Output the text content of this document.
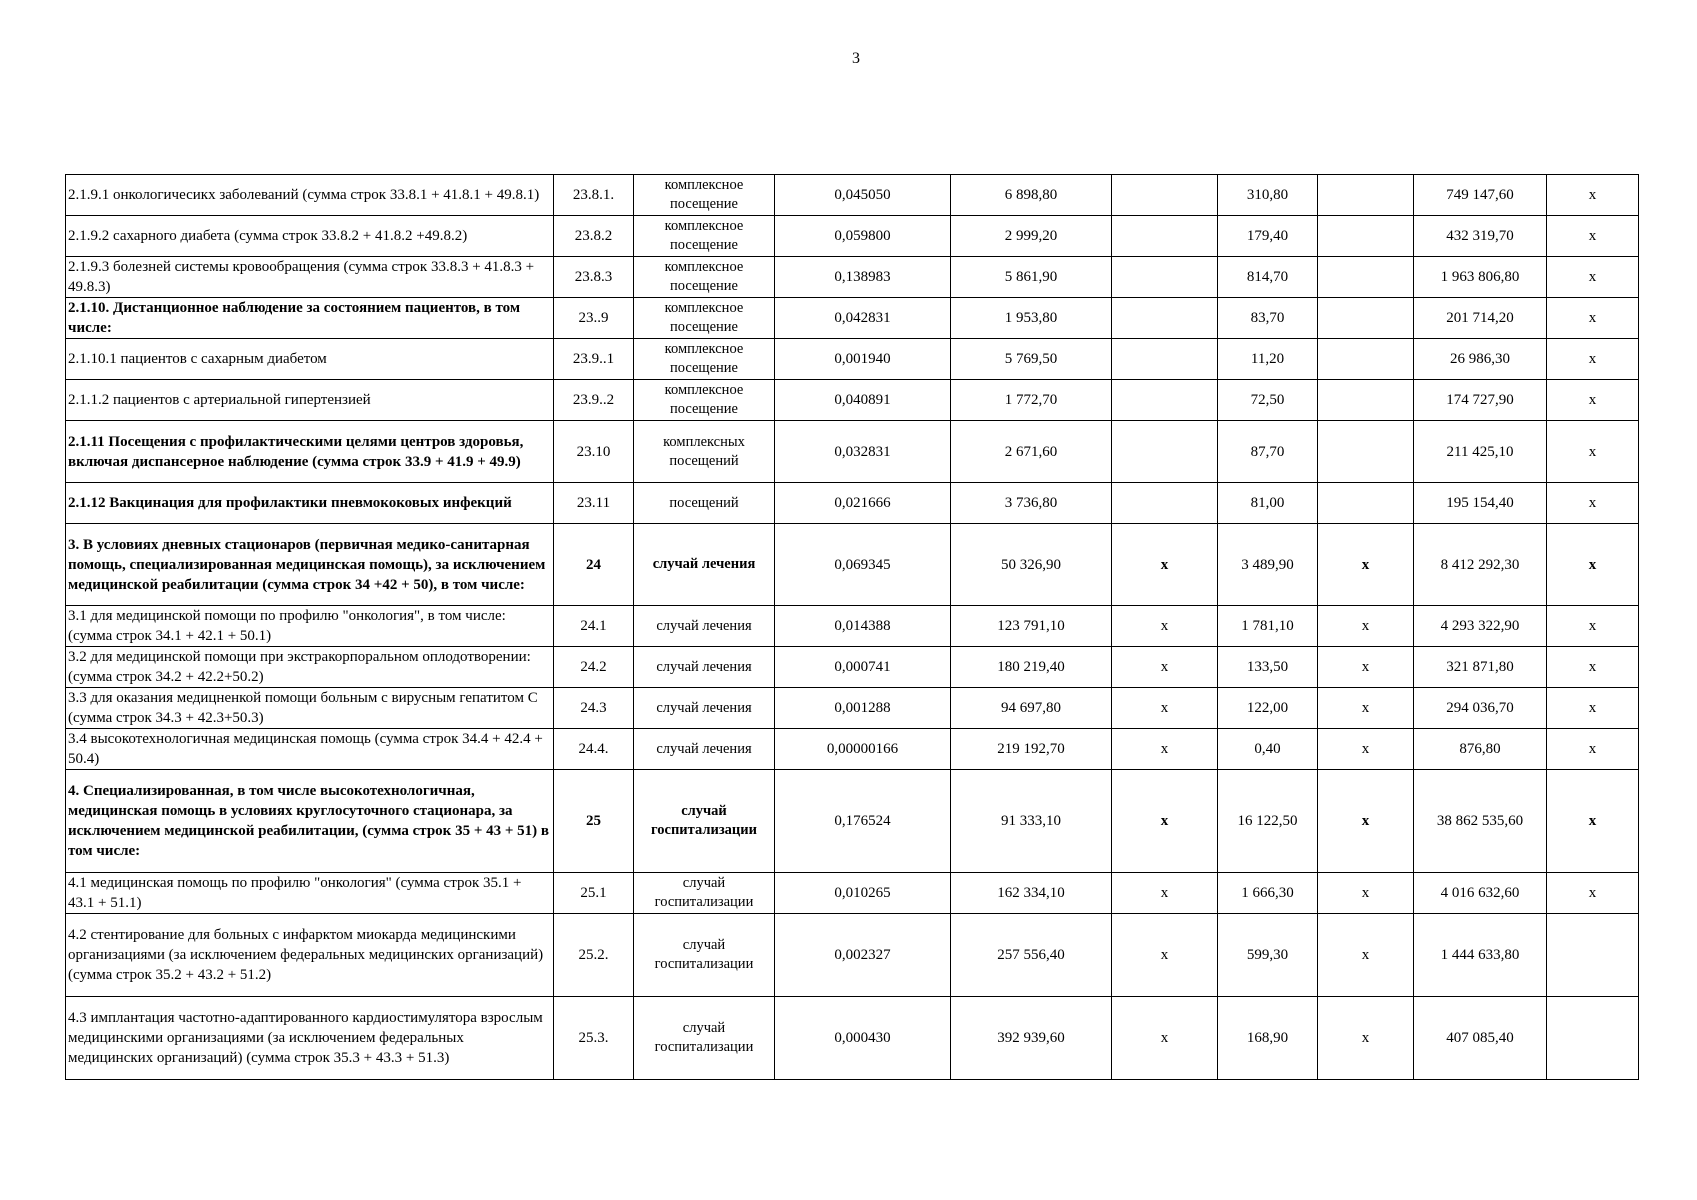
3
2.1.9.1 онкологичесикх заболеваний (сумма строк 33.8.1 + 41.8.1 + 49.8.1)	23.8.1.	комплексное посещение	0,045050	6 898,80		310,80		749 147,60	х
2.1.9.2 сахарного диабета (сумма строк 33.8.2 + 41.8.2 +49.8.2)	23.8.2	комплексное посещение	0,059800	2 999,20		179,40		432 319,70	х
2.1.9.3 болезней системы кровообращения (сумма строк 33.8.3 + 41.8.3 + 49.8.3)	23.8.3	комплексное посещение	0,138983	5 861,90		814,70		1 963 806,80	х
2.1.10. Дистанционное наблюдение за состоянием пациентов, в том числе:	23..9	комплексное посещение	0,042831	1 953,80		83,70		201 714,20	х
2.1.10.1 пациентов с сахарным диабетом	23.9..1	комплексное посещение	0,001940	5 769,50		11,20		26 986,30	х
2.1.1.2 пациентов с артериальной гипертензией	23.9..2	комплексное посещение	0,040891	1 772,70		72,50		174 727,90	х
2.1.11 Посещения с профилактическими целями центров здоровья, включая диспансерное наблюдение (сумма строк 33.9 + 41.9 + 49.9)	23.10	комплексных посещений	0,032831	2 671,60		87,70		211 425,10	х
2.1.12 Вакцинация для профилактики пневмококовых инфекций	23.11	посещений	0,021666	3 736,80		81,00		195 154,40	х
3. В условиях дневных стационаров (первичная медико-санитарная помощь, специализированная медицинская помощь), за исключением медицинской реабилитации (сумма строк 34 +42 + 50), в том числе:	24	случай лечения	0,069345	50 326,90	х	3 489,90	х	8 412 292,30	х
3.1 для медицинской помощи по профилю "онкология", в том числе: (сумма строк 34.1 + 42.1 + 50.1)	24.1	случай лечения	0,014388	123 791,10	х	1 781,10	х	4 293 322,90	х
3.2 для медицинской помощи при экстракорпоральном оплодотворении: (сумма строк 34.2 + 42.2+50.2)	24.2	случай лечения	0,000741	180 219,40	х	133,50	х	321 871,80	х
3.3 для оказания медицненкой помощи больным с вирусным гепатитом С (сумма строк 34.3 + 42.3+50.3)	24.3	случай лечения	0,001288	94 697,80	х	122,00	х	294 036,70	х
3.4 высокотехнологичная медицинская помощь (сумма строк 34.4 + 42.4 + 50.4)	24.4.	случай лечения	0,00000166	219 192,70	х	0,40	х	876,80	х
4. Специализированная, в том числе высокотехнологичная, медицинская помощь в условиях круглосуточного стационара, за исключением медицинской реабилитации, (сумма строк 35 + 43 + 51) в том числе:	25	случай госпитализации	0,176524	91 333,10	х	16 122,50	х	38 862 535,60	х
4.1 медицинская помощь по профилю "онкология" (сумма строк 35.1 + 43.1 + 51.1)	25.1	случай госпитализации	0,010265	162 334,10	х	1 666,30	х	4 016 632,60	х
4.2 стентирование для больных с инфарктом миокарда медицинскими организациями (за исключением федеральных медицинских организаций) (сумма строк 35.2 + 43.2 + 51.2)	25.2.	случай госпитализации	0,002327	257 556,40	х	599,30	х	1 444 633,80	
4.3 имплантация частотно-адаптированного кардиостимулятора взрослым медицинскими организациями (за исключением федеральных медицинских организаций) (сумма строк 35.3 + 43.3 + 51.3)	25.3.	случай госпитализации	0,000430	392 939,60	х	168,90	х	407 085,40	
